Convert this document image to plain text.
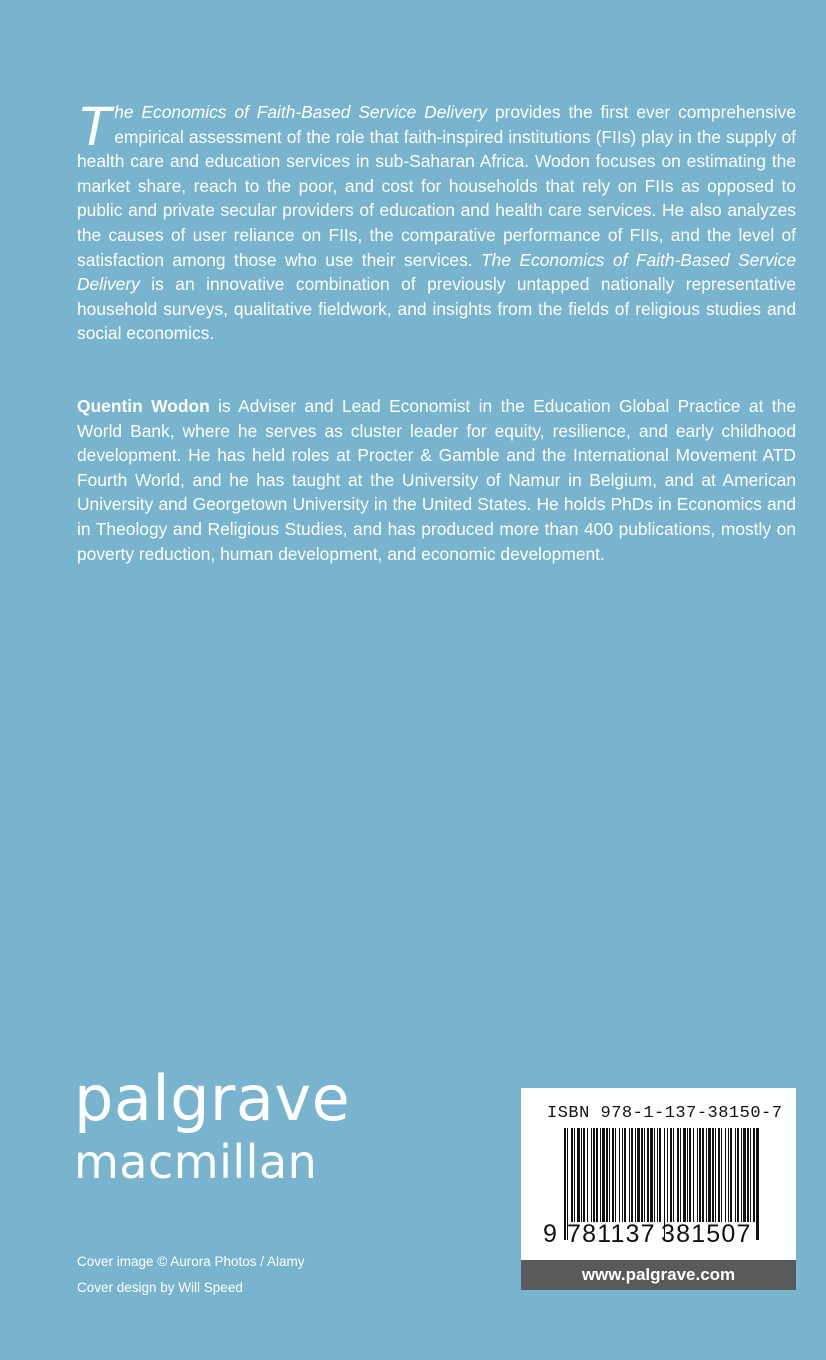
The Economics of Faith-Based Service Delivery provides the first ever comprehensive empirical assessment of the role that faith-inspired institutions (FIIs) play in the supply of health care and education services in sub-Saharan Africa. Wodon focuses on estimating the market share, reach to the poor, and cost for households that rely on FIIs as opposed to public and private secular providers of education and health care services. He also analyzes the causes of user reliance on FIIs, the comparative performance of FIIs, and the level of satisfaction among those who use their services. The Economics of Faith-Based Service Delivery is an innovative combination of previously untapped nationally representative household surveys, qualitative fieldwork, and insights from the fields of religious studies and social economics.

Quentin Wodon is Adviser and Lead Economist in the Education Global Practice at the World Bank, where he serves as cluster leader for equity, resilience, and early childhood development. He has held roles at Procter & Gamble and the International Movement ATD Fourth World, and he has taught at the University of Namur in Belgium, and at American University and Georgetown University in the United States. He holds PhDs in Economics and in Theology and Religious Studies, and has produced more than 400 publications, mostly on poverty reduction, human development, and economic development.

palgrave
macmillan
Cover image © Aurora Photos / Alamy
Cover design by Will Speed
ISBN 978-1-137-38150-7
9 781137 381507
www.palgrave.com
